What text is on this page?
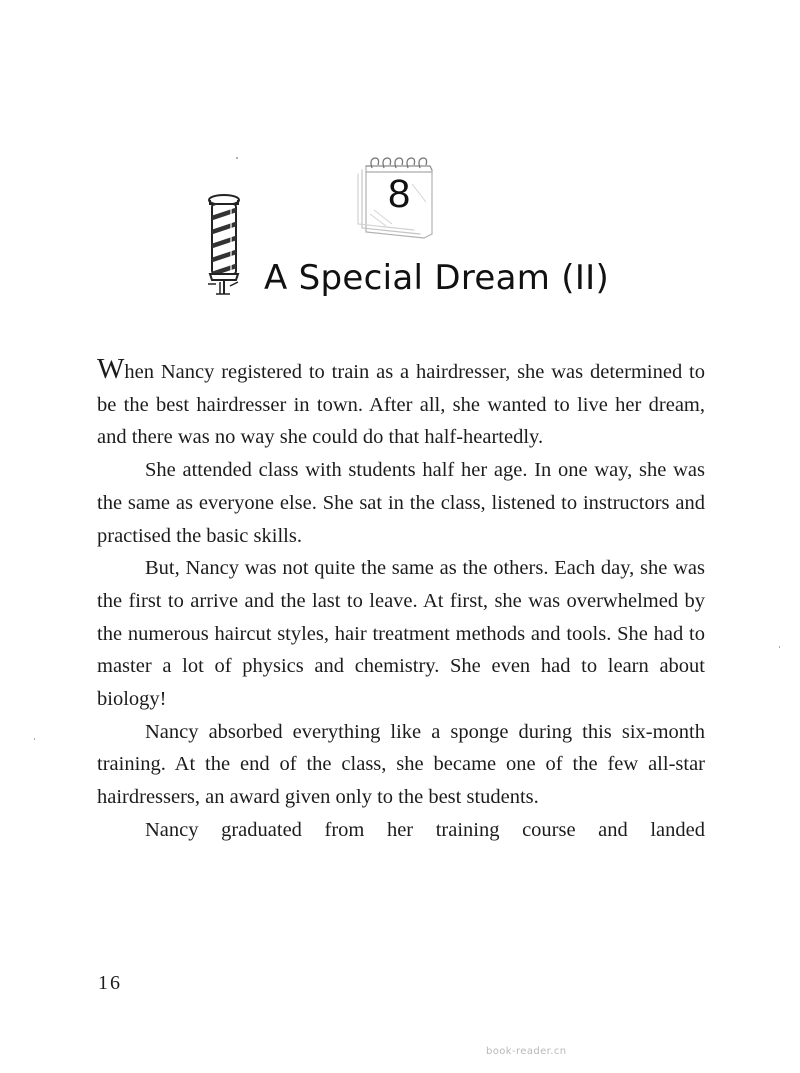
8
A Special Dream (II)

When Nancy registered to train as a hairdresser, she was determined to be the best hairdresser in town. After all, she wanted to live her dream, and there was no way she could do that half-heartedly.

She attended class with students half her age. In one way, she was the same as everyone else. She sat in the class, listened to instructors and practised the basic skills.

But, Nancy was not quite the same as the others. Each day, she was the first to arrive and the last to leave. At first, she was overwhelmed by the numerous haircut styles, hair treatment methods and tools. She had to master a lot of physics and chemistry. She even had to learn about biology!

Nancy absorbed everything like a sponge during this six-month training. At the end of the class, she became one of the few all-star hairdressers, an award given only to the best students.

Nancy graduated from her training course and landed

16
book-reader.cn
